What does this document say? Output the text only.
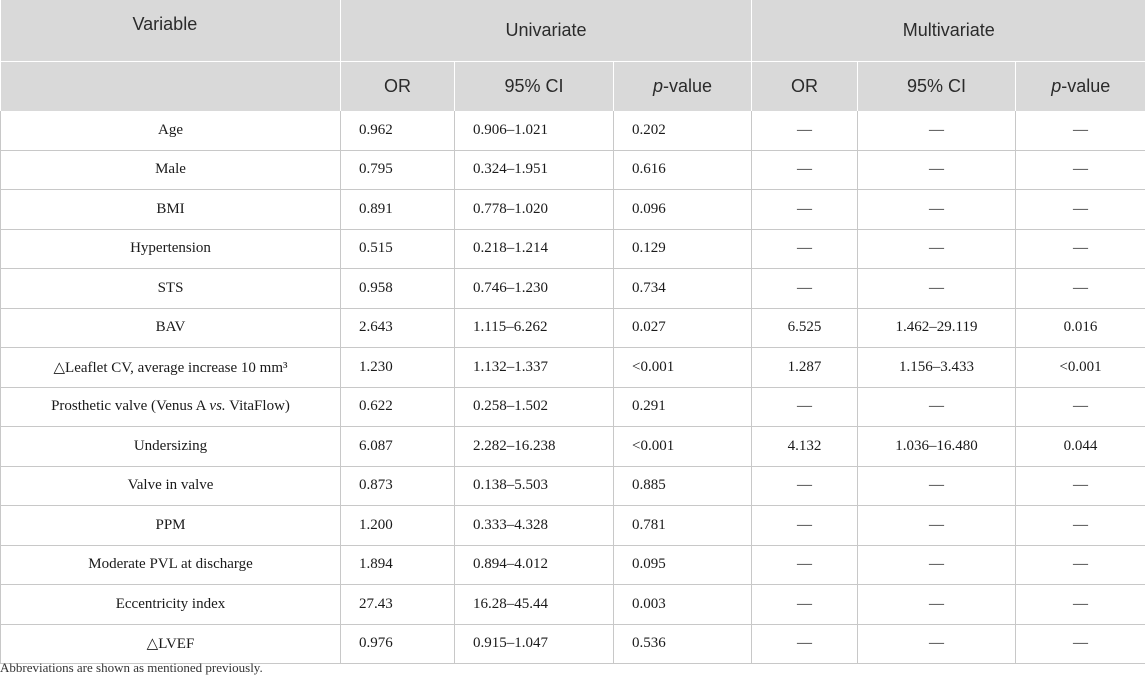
Variable	Univariate			Multivariate		
	OR	95% CI	p-value	OR	95% CI	p-value
Age	0.962	0.906–1.021	0.202	—	—	—
Male	0.795	0.324–1.951	0.616	—	—	—
BMI	0.891	0.778–1.020	0.096	—	—	—
Hypertension	0.515	0.218–1.214	0.129	—	—	—
STS	0.958	0.746–1.230	0.734	—	—	—
BAV	2.643	1.115–6.262	0.027	6.525	1.462–29.119	0.016
△Leaflet CV, average increase 10 mm³	1.230	1.132–1.337	<0.001	1.287	1.156–3.433	<0.001
Prosthetic valve (Venus A vs. VitaFlow)	0.622	0.258–1.502	0.291	—	—	—
Undersizing	6.087	2.282–16.238	<0.001	4.132	1.036–16.480	0.044
Valve in valve	0.873	0.138–5.503	0.885	—	—	—
PPM	1.200	0.333–4.328	0.781	—	—	—
Moderate PVL at discharge	1.894	0.894–4.012	0.095	—	—	—
Eccentricity index	27.43	16.28–45.44	0.003	—	—	—
△LVEF	0.976	0.915–1.047	0.536	—	—	—
Abbreviations are shown as mentioned previously.
